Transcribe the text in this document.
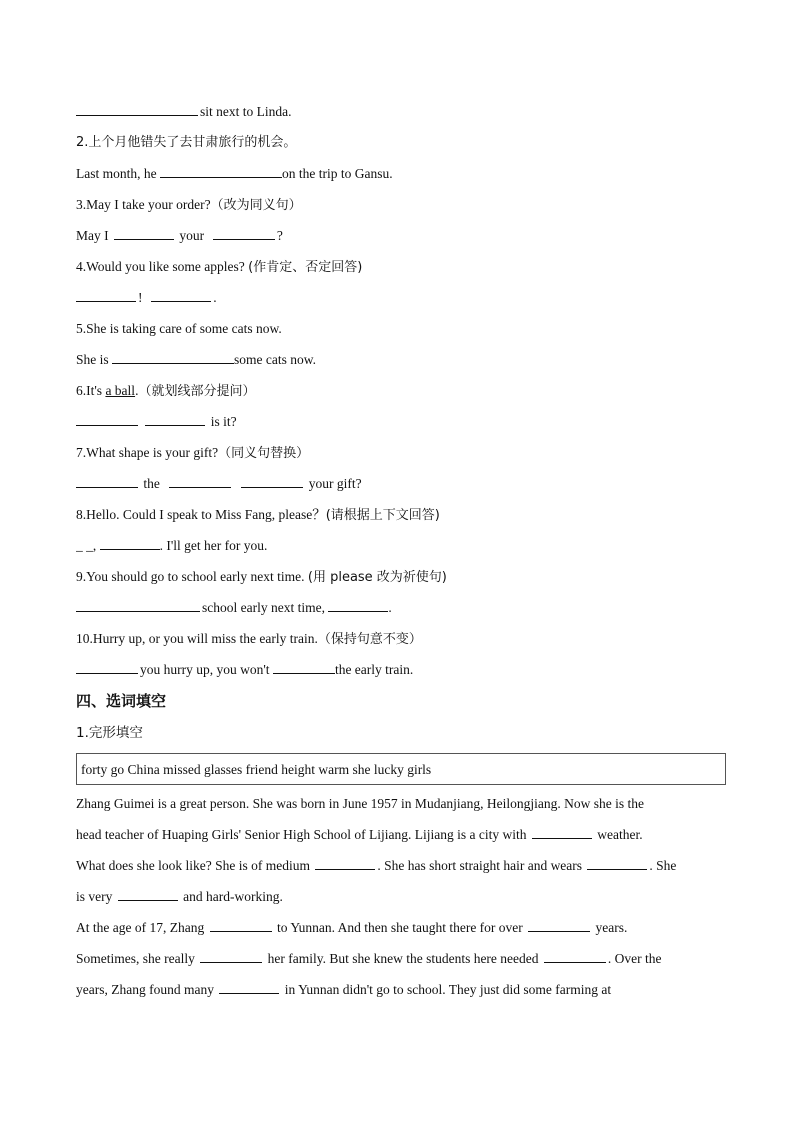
sit next to Linda.
2.上个月他错失了去甘肃旅行的机会。
Last month, he	on the trip to Gansu.
3.May I take your order?（改为同义句）
May I	your	?
4.Would you like some apples? (作肯定、否定回答)
!	.
5.She is taking care of some cats now.
She is	some cats now.
6.It's a ball.（就划线部分提问）
is it?
7.What shape is your gift?（同义句替换）
the	your gift?
8.Hello. Could I speak to Miss Fang, please？(请根据上下文回答)
_ _,	. I'll get her for you.
9.You should go to school early next time. (用 please 改为祈使句)
school early next time,	.
10.Hurry up, or you will miss the early train.（保持句意不变）
you hurry up, you won't	the early train.
四、选词填空
1.完形填空
forty go China missed glasses friend height warm she lucky girls
Zhang Guimei is a great person. She was born in June 1957 in Mudanjiang, Heilongjiang. Now she is the
head teacher of Huaping Girls' Senior High School of Lijiang. Lijiang is a city with	weather.
What does she look like? She is of medium	. She has short straight hair and wears	. She
is very	and hard-working.
At the age of 17, Zhang	to Yunnan. And then she taught there for over	years.
Sometimes, she really	her family. But she knew the students here needed	. Over the
years, Zhang found many	in Yunnan didn't go to school. They just did some farming at
